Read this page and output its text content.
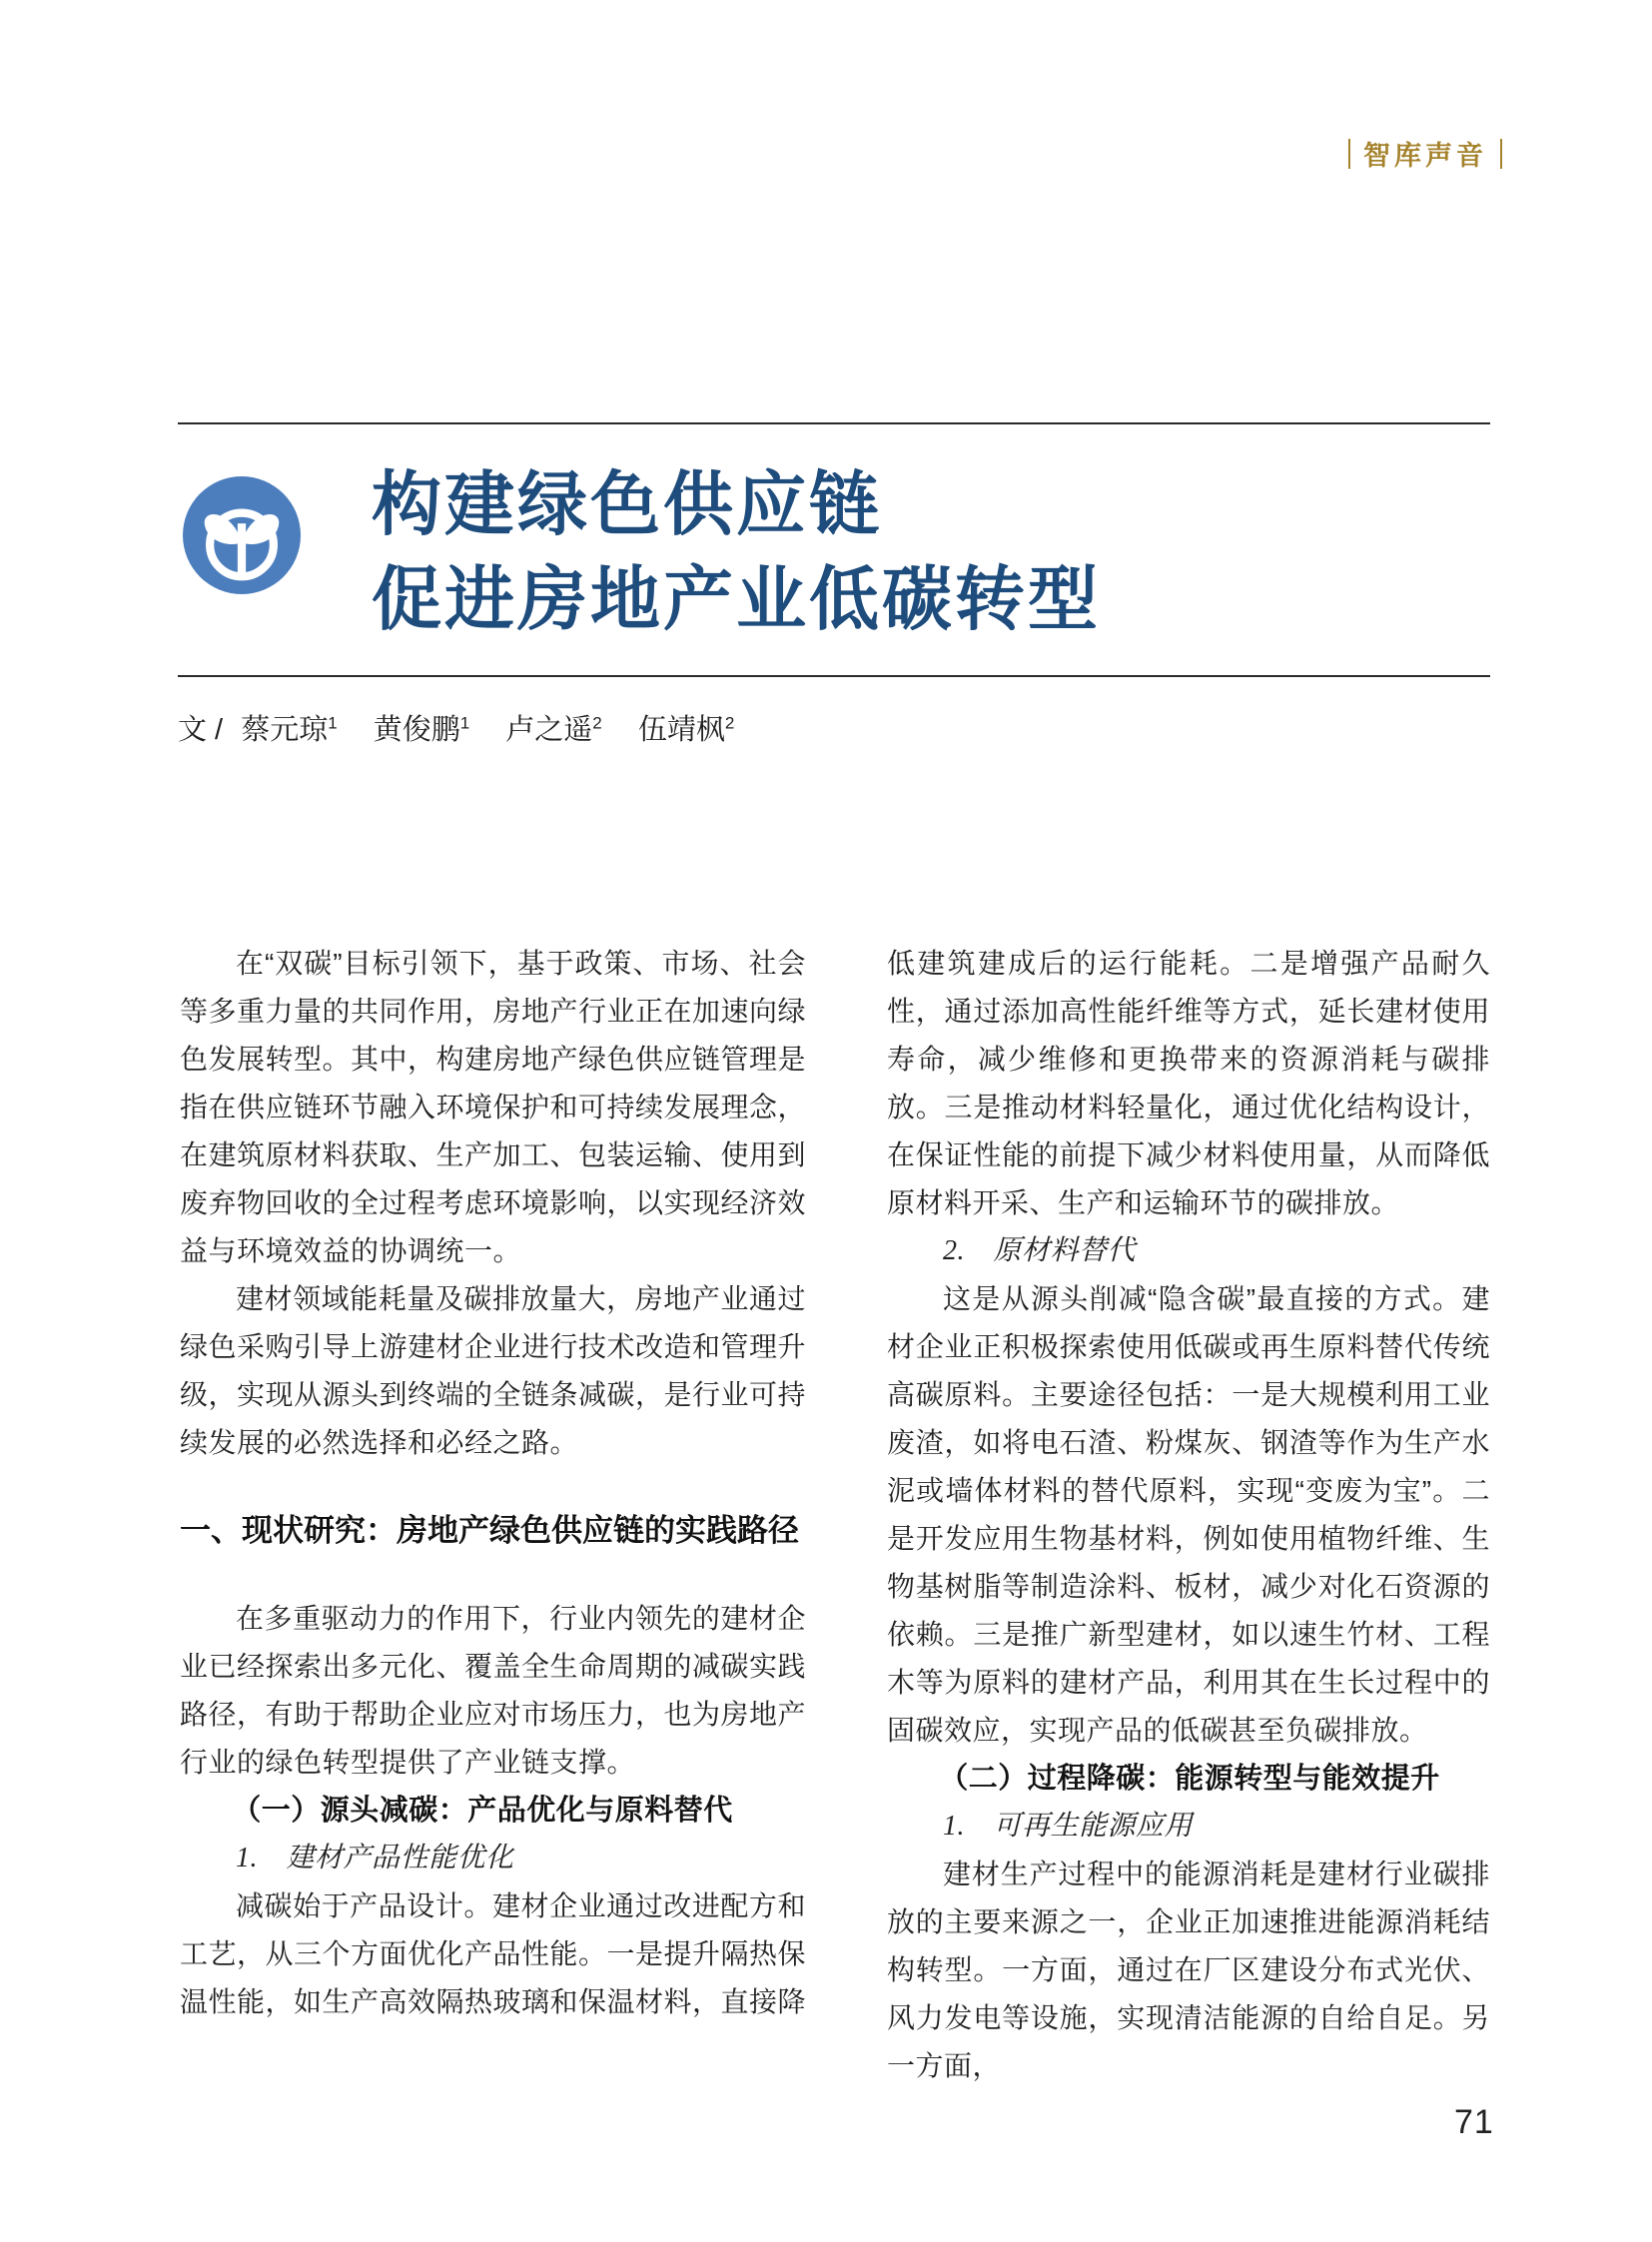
智库声音
构建绿色供应链
促进房地产业低碳转型
文 / 蔡元琼$^1$ 黄俊鹏$^1$ 卢之遥$^2$ 伍靖枫$^2$

在“双碳”目标引领下，基于政策、市场、社会等多重力量的共同作用，房地产行业正在加速向绿色发展转型。其中，构建房地产绿色供应链管理是指在供应链环节融入环境保护和可持续发展理念，在建筑原材料获取、生产加工、包装运输、使用到废弃物回收的全过程考虑环境影响，以实现经济效益与环境效益的协调统一。

建材领域能耗量及碳排放量大，房地产业通过绿色采购引导上游建材企业进行技术改造和管理升级，实现从源头到终端的全链条减碳，是行业可持续发展的必然选择和必经之路。

一、现状研究：房地产绿色供应链的实践路径

在多重驱动力的作用下，行业内领先的建材企业已经探索出多元化、覆盖全生命周期的减碳实践路径，有助于帮助企业应对市场压力，也为房地产行业的绿色转型提供了产业链支撑。

（一）源头减碳：产品优化与原料替代
1.　建材产品性能优化

减碳始于产品设计。建材企业通过改进配方和工艺，从三个方面优化产品性能。一是提升隔热保温性能，如生产高效隔热玻璃和保温材料，直接降

低建筑建成后的运行能耗。二是增强产品耐久性，通过添加高性能纤维等方式，延长建材使用寿命，减少维修和更换带来的资源消耗与碳排放。三是推动材料轻量化，通过优化结构设计，在保证性能的前提下减少材料使用量，从而降低原材料开采、生产和运输环节的碳排放。

2.　原材料替代

这是从源头削减“隐含碳”最直接的方式。建材企业正积极探索使用低碳或再生原料替代传统高碳原料。主要途径包括：一是大规模利用工业废渣，如将电石渣、粉煤灰、钢渣等作为生产水泥或墙体材料的替代原料，实现“变废为宝”。二是开发应用生物基材料，例如使用植物纤维、生物基树脂等制造涂料、板材，减少对化石资源的依赖。三是推广新型建材，如以速生竹材、工程木等为原料的建材产品，利用其在生长过程中的固碳效应，实现产品的低碳甚至负碳排放。

（二）过程降碳：能源转型与能效提升
1.　可再生能源应用

建材生产过程中的能源消耗是建材行业碳排放的主要来源之一，企业正加速推进能源消耗结构转型。一方面，通过在厂区建设分布式光伏、风力发电等设施，实现清洁能源的自给自足。另一方面，

71
